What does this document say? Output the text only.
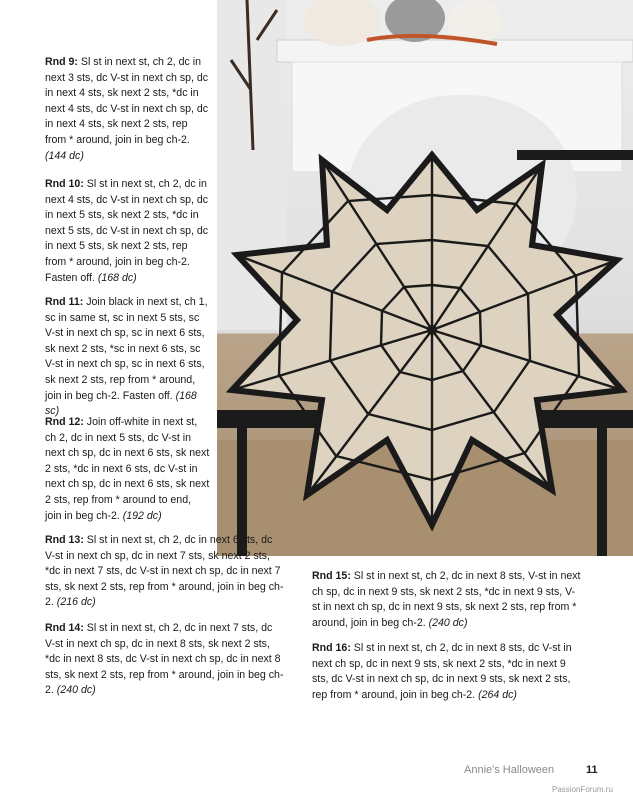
Rnd 9: Sl st in next st, ch 2, dc in next 3 sts, dc V-st in next ch sp, dc in next 4 sts, sk next 2 sts, *dc in next 4 sts, dc V-st in next ch sp, dc in next 4 sts, sk next 2 sts, rep from * around, join in beg ch-2. (144 dc)
Rnd 10: Sl st in next st, ch 2, dc in next 4 sts, dc V-st in next ch sp, dc in next 5 sts, sk next 2 sts, *dc in next 5 sts, dc V-st in next ch sp, dc in next 5 sts, sk next 2 sts, rep from * around, join in beg ch-2. Fasten off. (168 dc)
Rnd 11: Join black in next st, ch 1, sc in same st, sc in next 5 sts, sc V-st in next ch sp, sc in next 6 sts, sk next 2 sts, *sc in next 6 sts, sc V-st in next ch sp, sc in next 6 sts, sk next 2 sts, rep from * around, join in beg ch-2. Fasten off. (168 sc)
Rnd 12: Join off-white in next st, ch 2, dc in next 5 sts, dc V-st in next ch sp, dc in next 6 sts, sk next 2 sts, *dc in next 6 sts, dc V-st in next ch sp, dc in next 6 sts, sk next 2 sts, rep from * around to end, join in beg ch-2. (192 dc)
Rnd 13: Sl st in next st, ch 2, dc in next 6 sts, dc V-st in next ch sp, dc in next 7 sts, sk next 2 sts, *dc in next 7 sts, dc V-st in next ch sp, dc in next 7 sts, sk next 2 sts, rep from * around, join in beg ch-2. (216 dc)
Rnd 14: Sl st in next st, ch 2, dc in next 7 sts, dc V-st in next ch sp, dc in next 8 sts, sk next 2 sts, *dc in next 8 sts, dc V-st in next ch sp, dc in next 8 sts, sk next 2 sts, rep from * around, join in beg ch-2. (240 dc)
Rnd 15: Sl st in next st, ch 2, dc in next 8 sts, V-st in next ch sp, dc in next 9 sts, sk next 2 sts, *dc in next 9 sts, V-st in next ch sp, dc in next 9 sts, sk next 2 sts, rep from * around, join in beg ch-2. (240 dc)
Rnd 16: Sl st in next st, ch 2, dc in next 8 sts, dc V-st in next ch sp, dc in next 9 sts, sk next 2 sts, *dc in next 9 sts, dc V-st in next ch sp, dc in next 9 sts, sk next 2 sts, rep from * around, join in beg ch-2. (264 dc)
Annie's Halloween	11
PassionForum.ru
